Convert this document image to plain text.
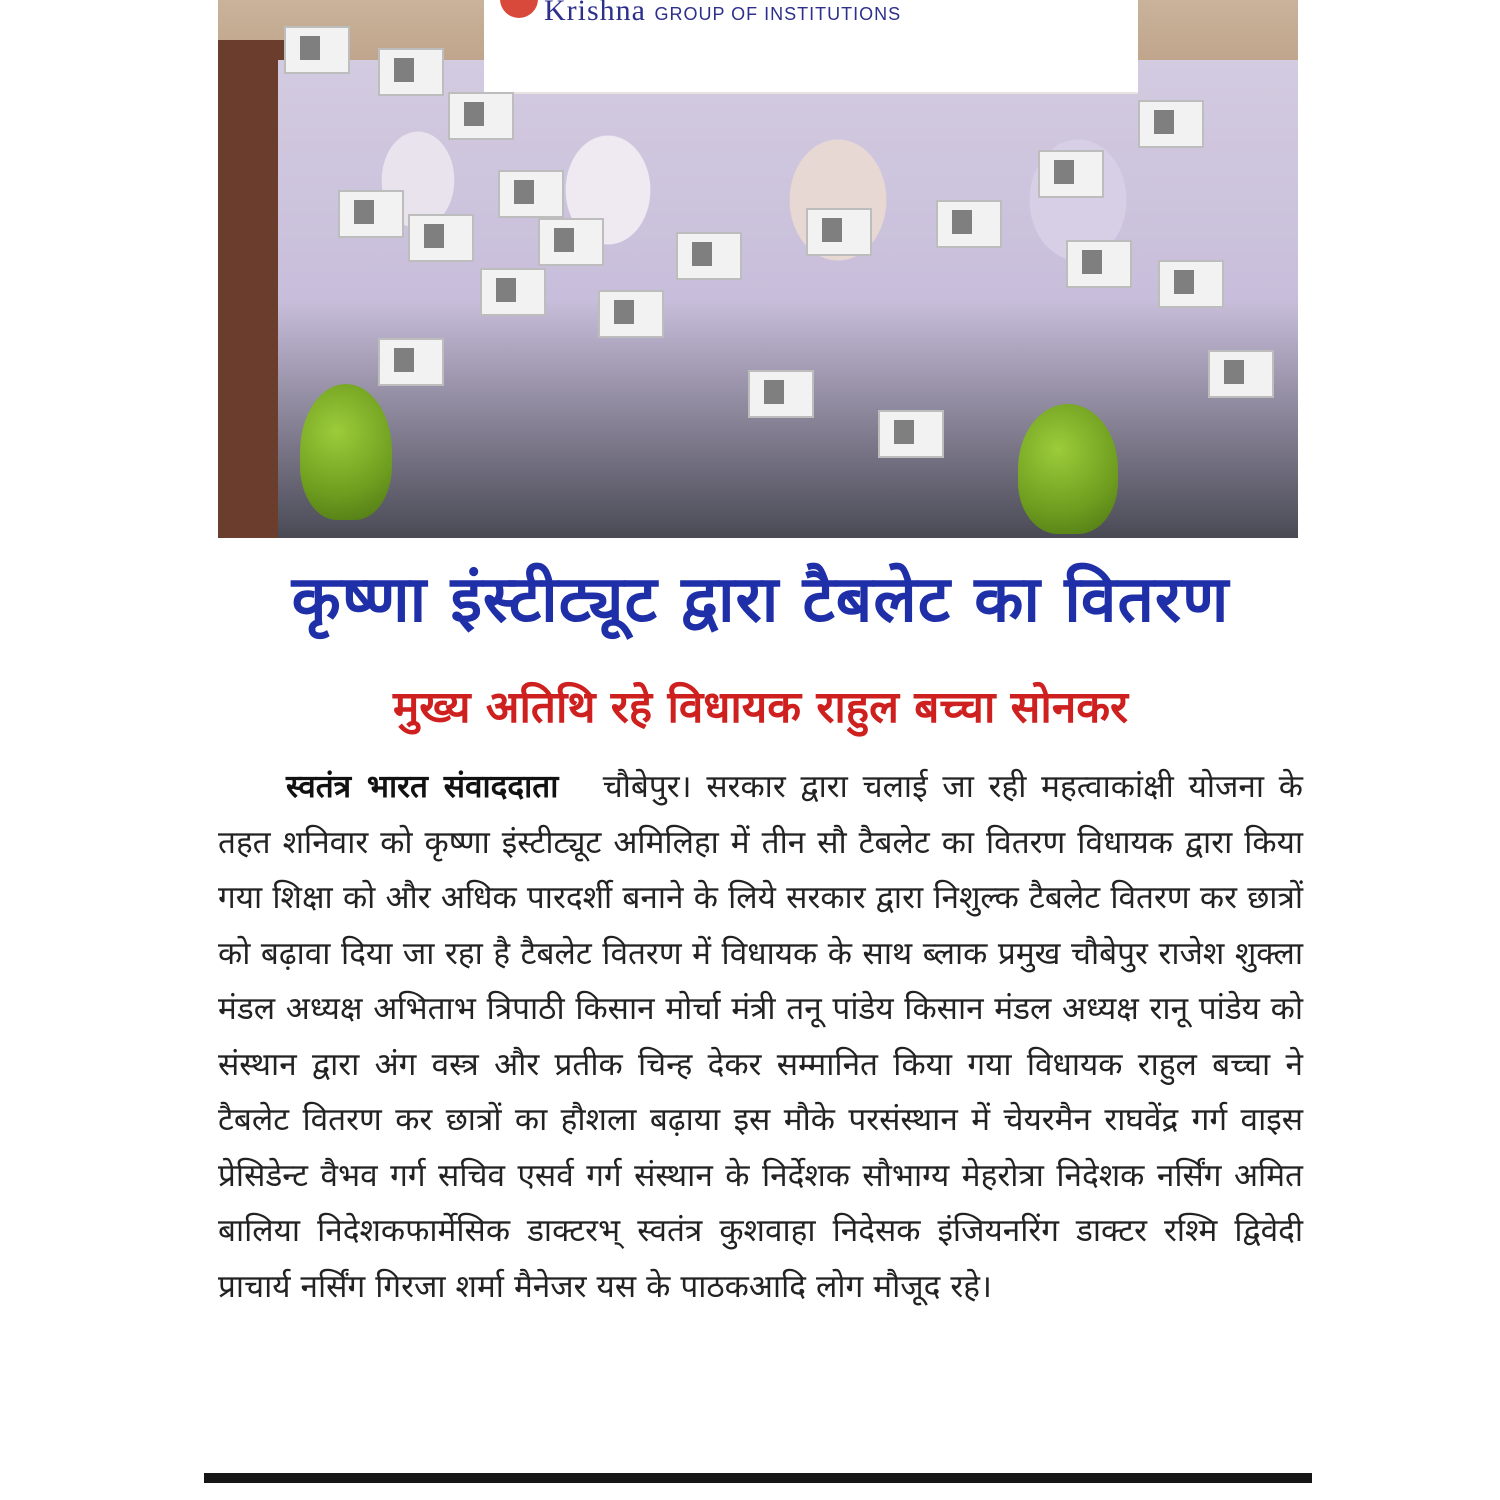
Krishna GROUP OF INSTITUTIONS
कृष्णा इंस्टीट्यूट द्वारा टैबलेट का वितरण
मुख्य अतिथि रहे विधायक राहुल बच्चा सोनकर
स्वतंत्र भारत संवाददाता चौबेपुर। सरकार द्वारा चलाई जा रही महत्वाकांक्षी योजना के तहत शनिवार को कृष्णा इंस्टीट्यूट अमिलिहा में तीन सौ टैबलेट का वितरण विधायक द्वारा किया गया शिक्षा को और अधिक पारदर्शी बनाने के लिये सरकार द्वारा निशुल्क टैबलेट वितरण कर छात्रों को बढ़ावा दिया जा रहा है टैबलेट वितरण में विधायक के साथ ब्लाक प्रमुख चौबेपुर राजेश शुक्ला मंडल अध्यक्ष अभिताभ त्रिपाठी किसान मोर्चा मंत्री तनू पांडेय किसान मंडल अध्यक्ष रानू पांडेय को संस्थान द्वारा अंग वस्त्र और प्रतीक चिन्ह देकर सम्मानित किया गया विधायक राहुल बच्चा ने टैबलेट वितरण कर छात्रों का हौशला बढ़ाया इस मौके परसंस्थान में चेयरमैन राघवेंद्र गर्ग वाइस प्रेसिडेन्ट वैभव गर्ग सचिव एसर्व गर्ग संस्थान के निर्देशक सौभाग्य मेहरोत्रा निदेशक नर्सिंग अमित बालिया निदेशकफार्मेसिक डाक्टरभ् स्वतंत्र कुशवाहा निदेसक इंजियनरिंग डाक्टर रश्मि द्विवेदी प्राचार्य नर्सिंग गिरजा शर्मा मैनेजर यस के पाठकआदि लोग मौजूद रहे।
